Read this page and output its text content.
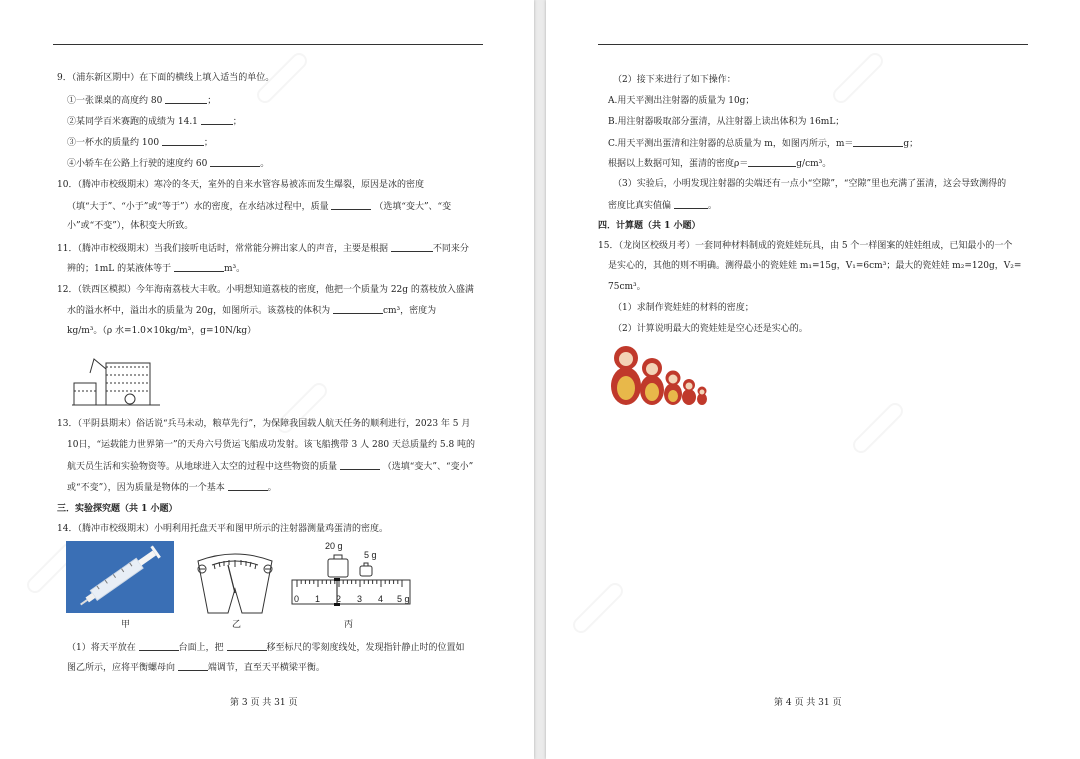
9．（浦东新区期中）在下面的横线上填入适当的单位。
①一张课桌的高度约 80	；
②某同学百米赛跑的成绩为 14.1	；
③一杯水的质量约 100	；
④小轿车在公路上行驶的速度约 60	。
10．（腾冲市校级期末）寒冷的冬天，室外的自来水管容易被冻而发生爆裂，原因是冰的密度
（填“大于”、“小于”或“等于”）水的密度，在水结冰过程中，质量	（选填“变大”、“变
小”或“不变”），体积变大所致。
11．（腾冲市校级期末）当我们接听电话时，常常能分辨出家人的声音，主要是根据	不同来分
辨的；1mL 的某液体等于	m³。
12．（铁西区模拟）今年海南荔枝大丰收。小明想知道荔枝的密度，他把一个质量为 22g 的荔枝放入盛满
水的溢水杯中，溢出水的质量为 20g，如图所示。该荔枝的体积为	cm³，密度为
kg/m³。（ρ 水=1.0×10kg/m³，g=10N/kg）
13．（平阴县期末）俗话说“兵马未动，粮草先行”，为保障我国载人航天任务的顺利进行，2023 年 5 月
10日，“运载能力世界第一”的天舟六号货运飞船成功发射。该飞船携带 3 人 280 天总质量约 5.8 吨的
航天员生活和实验物资等。从地球进入太空的过程中这些物资的质量	（选填“变大”、“变小”
或“不变”），因为质量是物体的一个基本	。
三．实验探究题（共 1 小题）
14．（腾冲市校级期末）小明利用托盘天平和图甲所示的注射器测量鸡蛋清的密度。
甲	乙
20 g
5 g
0 1 2 3 4 5 g
丙
（1）将天平放在	台面上，把	移至标尺的零刻度线处，发现指针静止时的位置如
图乙所示，应将平衡螺母向	端调节，直至天平横梁平衡。
第 3 页 共 31 页
（2）接下来进行了如下操作：
A.用天平测出注射器的质量为 10g；
B.用注射器吸取部分蛋清，从注射器上读出体积为 16mL；
C.用天平测出蛋清和注射器的总质量为 m，如图丙所示，m＝	g；
根据以上数据可知，蛋清的密度ρ＝	g/cm³。
（3）实验后，小明发现注射器的尖端还有一点小“空隙”，“空隙”里也充满了蛋清，这会导致测得的
密度比真实值偏	。
四．计算题（共 1 小题）
15．（龙岗区校级月考）一套同种材料制成的瓷娃娃玩具，由 5 个一样图案的娃娃组成，已知最小的一个
是实心的，其他的则不明确。测得最小的瓷娃娃 m₁=15g，V₁=6cm³；最大的瓷娃娃 m₂=120g，V₂=
75cm³。
（1）求制作瓷娃娃的材料的密度；
（2）计算说明最大的瓷娃娃是空心还是实心的。
第 4 页 共 31 页
